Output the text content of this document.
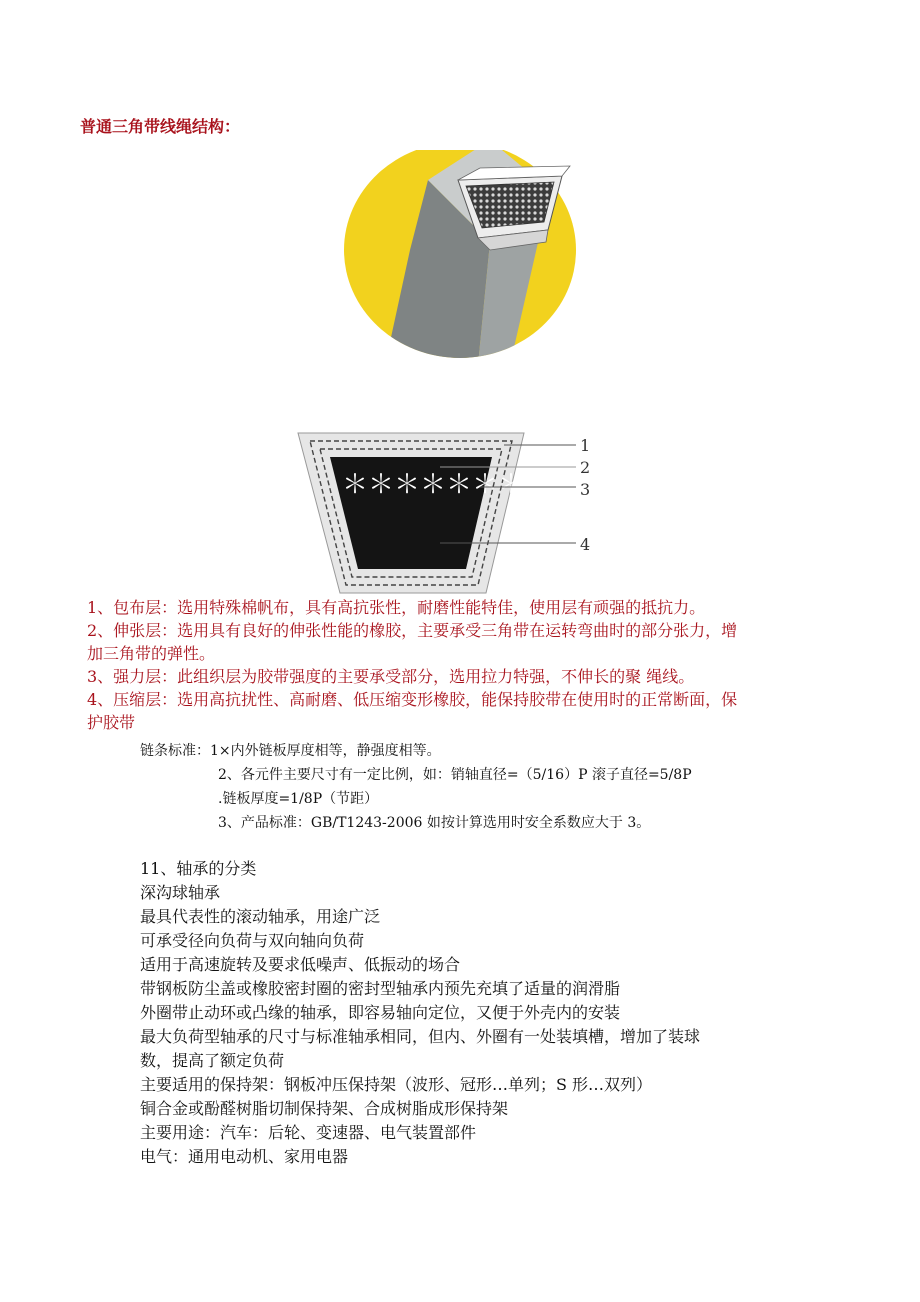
普通三角带线绳结构：
＊＊＊＊＊＊＊
1
2
3
4
1、包布层：选用特殊棉帆布，具有高抗张性，耐磨性能特佳，使用层有顽强的抵抗力。
2、伸张层：选用具有良好的伸张性能的橡胶，主要承受三角带在运转弯曲时的部分张力，增
加三角带的弹性。
3、强力层：此组织层为胶带强度的主要承受部分，选用拉力特强，不伸长的聚 绳线。
4、压缩层：选用高抗扰性、高耐磨、低压缩变形橡胶，能保持胶带在使用时的正常断面，保
护胶带
链条标准：1×内外链板厚度相等，静强度相等。
2、各元件主要尺寸有一定比例，如：销轴直径=（5/16）P 滚子直径=5/8P
.链板厚度=1/8P（节距）
3、产品标准：GB/T1243-2006 如按计算选用时安全系数应大于 3。
11、轴承的分类
深沟球轴承
最具代表性的滚动轴承，用途广泛
可承受径向负荷与双向轴向负荷
适用于高速旋转及要求低噪声、低振动的场合
带钢板防尘盖或橡胶密封圈的密封型轴承内预先充填了适量的润滑脂
外圈带止动环或凸缘的轴承，即容易轴向定位，又便于外壳内的安装
最大负荷型轴承的尺寸与标准轴承相同，但内、外圈有一处装填槽，增加了装球
数，提高了额定负荷
主要适用的保持架：钢板冲压保持架（波形、冠形…单列；S 形…双列）
铜合金或酚醛树脂切制保持架、合成树脂成形保持架
主要用途：汽车：后轮、变速器、电气装置部件
电气：通用电动机、家用电器
